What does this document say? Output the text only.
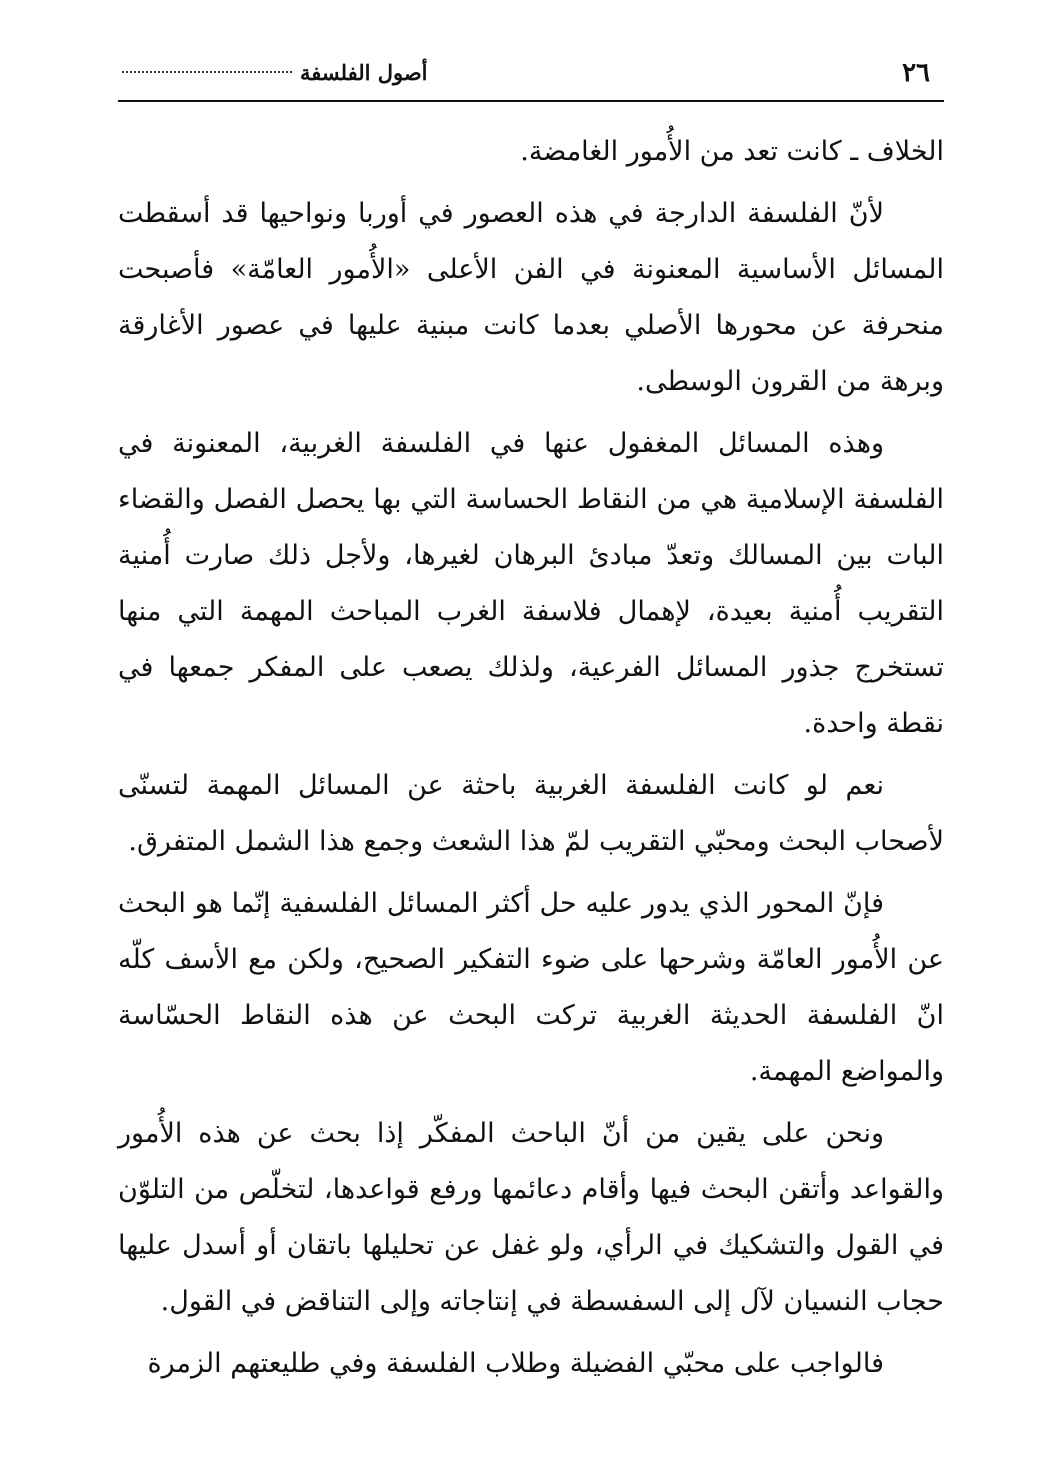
٢٦
أصول الفلسفة

الخلاف ـ كانت تعد من الأُمور الغامضة.

لأنّ الفلسفة الدارجة في هذه العصور في أوربا ونواحيها قد أسقطت المسائل الأساسية المعنونة في الفن الأعلى «الأُمور العامّة» فأصبحت منحرفة عن محورها الأصلي بعدما كانت مبنية عليها في عصور الأغارقة وبرهة من القرون الوسطى.

وهذه المسائل المغفول عنها في الفلسفة الغربية، المعنونة في الفلسفة الإسلامية هي من النقاط الحساسة التي بها يحصل الفصل والقضاء البات بين المسالك وتعدّ مبادئ البرهان لغيرها، ولأجل ذلك صارت أُمنية التقريب أُمنية بعيدة، لإهمال فلاسفة الغرب المباحث المهمة التي منها تستخرج جذور المسائل الفرعية، ولذلك يصعب على المفكر جمعها في نقطة واحدة.

نعم لو كانت الفلسفة الغربية باحثة عن المسائل المهمة لتسنّى لأصحاب البحث ومحبّي التقريب لمّ هذا الشعث وجمع هذا الشمل المتفرق.

فإنّ المحور الذي يدور عليه حل أكثر المسائل الفلسفية إنّما هو البحث عن الأُمور العامّة وشرحها على ضوء التفكير الصحيح، ولكن مع الأسف كلّه انّ الفلسفة الحديثة الغربية تركت البحث عن هذه النقاط الحسّاسة والمواضع المهمة.

ونحن على يقين من أنّ الباحث المفكّر إذا بحث عن هذه الأُمور والقواعد وأتقن البحث فيها وأقام دعائمها ورفع قواعدها، لتخلّص من التلوّن في القول والتشكيك في الرأي، ولو غفل عن تحليلها باتقان أو أسدل عليها حجاب النسيان لآل إلى السفسطة في إنتاجاته وإلى التناقض في القول.

فالواجب على محبّي الفضيلة وطلاب الفلسفة وفي طليعتهم الزمرة
